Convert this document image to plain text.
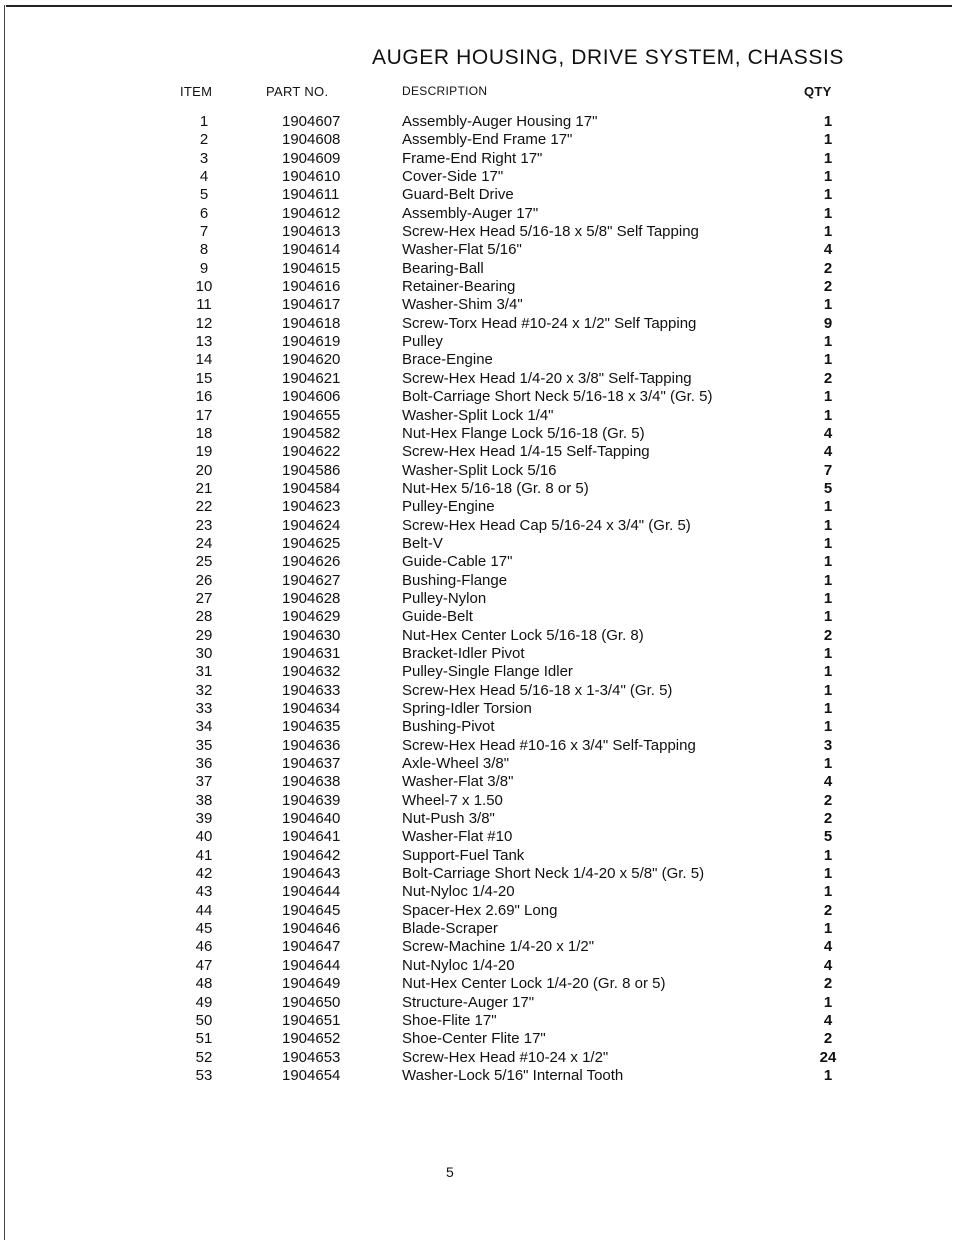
AUGER HOUSING, DRIVE SYSTEM, CHASSIS
ITEM	PART NO.	DESCRIPTION	QTY
1	1904607	Assembly-Auger Housing 17"	1
2	1904608	Assembly-End Frame 17"	1
3	1904609	Frame-End Right 17"	1
4	1904610	Cover-Side 17"	1
5	1904611	Guard-Belt Drive	1
6	1904612	Assembly-Auger 17"	1
7	1904613	Screw-Hex Head 5/16-18 x 5/8" Self Tapping	1
8	1904614	Washer-Flat 5/16"	4
9	1904615	Bearing-Ball	2
10	1904616	Retainer-Bearing	2
11	1904617	Washer-Shim 3/4"	1
12	1904618	Screw-Torx Head #10-24 x 1/2" Self Tapping	9
13	1904619	Pulley	1
14	1904620	Brace-Engine	1
15	1904621	Screw-Hex Head 1/4-20 x 3/8" Self-Tapping	2
16	1904606	Bolt-Carriage Short Neck 5/16-18 x 3/4" (Gr. 5)	1
17	1904655	Washer-Split Lock 1/4"	1
18	1904582	Nut-Hex Flange Lock 5/16-18 (Gr. 5)	4
19	1904622	Screw-Hex Head 1/4-15 Self-Tapping	4
20	1904586	Washer-Split Lock 5/16	7
21	1904584	Nut-Hex 5/16-18 (Gr. 8 or 5)	5
22	1904623	Pulley-Engine	1
23	1904624	Screw-Hex Head Cap 5/16-24 x 3/4" (Gr. 5)	1
24	1904625	Belt-V	1
25	1904626	Guide-Cable 17"	1
26	1904627	Bushing-Flange	1
27	1904628	Pulley-Nylon	1
28	1904629	Guide-Belt	1
29	1904630	Nut-Hex Center Lock 5/16-18 (Gr. 8)	2
30	1904631	Bracket-Idler Pivot	1
31	1904632	Pulley-Single Flange Idler	1
32	1904633	Screw-Hex Head 5/16-18 x 1-3/4" (Gr. 5)	1
33	1904634	Spring-Idler Torsion	1
34	1904635	Bushing-Pivot	1
35	1904636	Screw-Hex Head #10-16 x 3/4" Self-Tapping	3
36	1904637	Axle-Wheel 3/8"	1
37	1904638	Washer-Flat 3/8"	4
38	1904639	Wheel-7 x 1.50	2
39	1904640	Nut-Push 3/8"	2
40	1904641	Washer-Flat #10	5
41	1904642	Support-Fuel Tank	1
42	1904643	Bolt-Carriage Short Neck 1/4-20 x 5/8" (Gr. 5)	1
43	1904644	Nut-Nyloc 1/4-20	1
44	1904645	Spacer-Hex 2.69" Long	2
45	1904646	Blade-Scraper	1
46	1904647	Screw-Machine 1/4-20 x 1/2"	4
47	1904644	Nut-Nyloc 1/4-20	4
48	1904649	Nut-Hex Center Lock 1/4-20 (Gr. 8 or 5)	2
49	1904650	Structure-Auger 17"	1
50	1904651	Shoe-Flite 17"	4
51	1904652	Shoe-Center Flite 17"	2
52	1904653	Screw-Hex Head #10-24 x 1/2"	24
53	1904654	Washer-Lock 5/16" Internal Tooth	1
5
